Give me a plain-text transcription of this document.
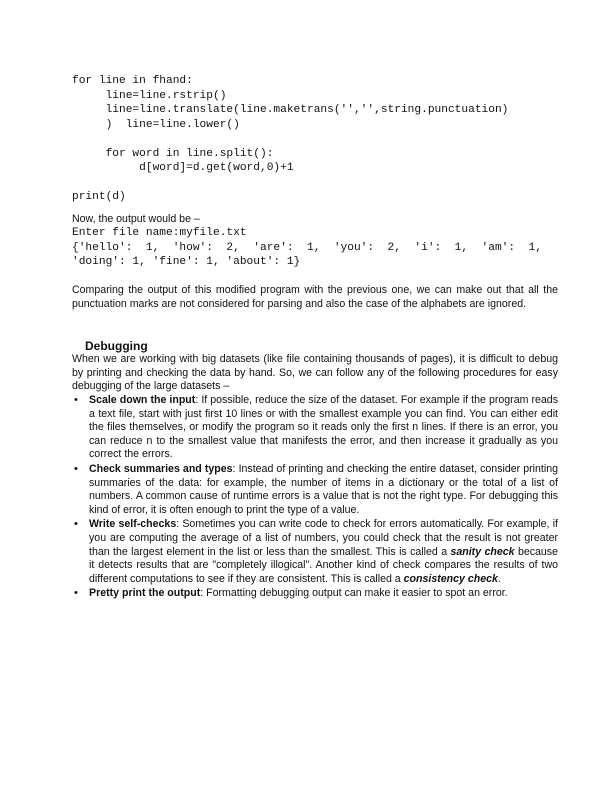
for line in fhand:
line=line.rstrip()
line=line.translate(line.maketrans('','',string.punctuation)
)  line=line.lower()

for word in line.split():
d[word]=d.get(word,0)+1

print(d)
Now, the output would be –
Enter file name:myfile.txt
{'hello':  1,  'how':  2,  'are':  1,  'you':  2,  'i':  1,  'am':  1,
'doing': 1, 'fine': 1, 'about': 1}
Comparing the output of this modified program with the previous one, we can make out that all the punctuation marks are not considered for parsing and also the case of the alphabets are ignored.
Debugging
When we are working with big datasets (like file containing thousands of pages), it is difficult to debug by printing and checking the data by hand. So, we can follow any of the following procedures for easy debugging of the large datasets –
• Scale down the input: If possible, reduce the size of the dataset. For example if the program reads a text file, start with just first 10 lines or with the smallest example you can find. You can either edit the files themselves, or modify the program so it reads only the first n lines. If there is an error, you can reduce n to the smallest value that manifests the error, and then increase it gradually as you correct the errors.
• Check summaries and types: Instead of printing and checking the entire dataset, consider printing summaries of the data: for example, the number of items in a dictionary or the total of a list of numbers. A common cause of runtime errors is a value that is not the right type. For debugging this kind of error, it is often enough to print the type of a value.
• Write self-checks: Sometimes you can write code to check for errors automatically. For example, if you are computing the average of a list of numbers, you could check that the result is not greater than the largest element in the list or less than the smallest. This is called a sanity check because it detects results that are "completely illogical". Another kind of check compares the results of two different computations to see if they are consistent. This is called a consistency check.
• Pretty print the output: Formatting debugging output can make it easier to spot an error.
